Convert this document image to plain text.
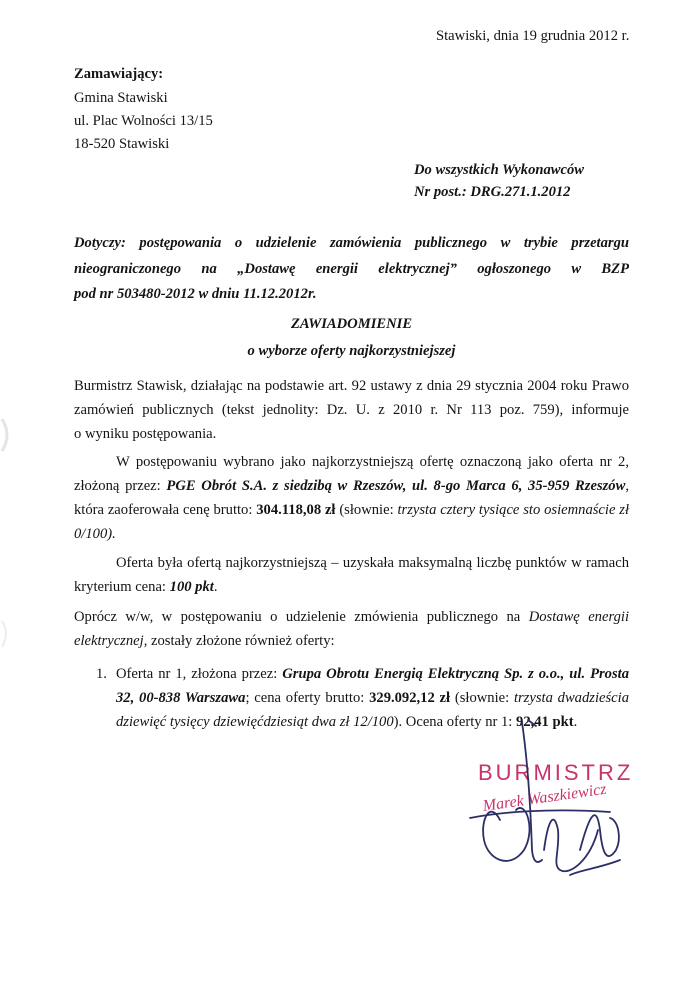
Stawiski, dnia 19 grudnia 2012 r.
Zamawiający:
Gmina Stawiski
ul. Plac Wolności 13/15
18-520 Stawiski
Do wszystkich Wykonawców
Nr post.: DRG.271.1.2012
Dotyczy: postępowania o udzielenie zamówienia publicznego w trybie przetargu
nieograniczonego na „Dostawę energii elektrycznej” ogłoszonego w BZP
pod nr 503480-2012 w dniu 11.12.2012r.
ZAWIADOMIENIE
o wyborze oferty najkorzystniejszej
Burmistrz Stawisk, działając na podstawie art. 92 ustawy z dnia 29 stycznia 2004 roku Prawo
zamówień publicznych (tekst jednolity: Dz. U. z 2010 r. Nr 113 poz. 759), informuje
o wyniku postępowania.
W postępowaniu wybrano jako najkorzystniejszą ofertę oznaczoną jako oferta nr 2,
złożoną przez: PGE Obrót S.A. z siedzibą w Rzeszów, ul. 8-go Marca 6, 35-959 Rzeszów,
która zaoferowała cenę brutto: 304.118,08 zł (słownie: trzysta cztery tysiące sto osiemnaście zł
0/100).
Oferta była ofertą najkorzystniejszą – uzyskała maksymalną liczbę punktów w ramach
kryterium cena: 100 pkt.
Oprócz w/w, w postępowaniu o udzielenie zmówienia publicznego na Dostawę energii
elektrycznej, zostały złożone również oferty:
1. Oferta nr 1, złożona przez: Grupa Obrotu Energią Elektryczną Sp. z o.o., ul. Prosta
32, 00-838 Warszawa; cena oferty brutto: 329.092,12 zł (słownie: trzysta dwadzieścia
dziewięć tysięcy dziewięćdziesiąt dwa zł 12/100). Ocena oferty nr 1: 92,41 pkt.
BURMISTRZ
Marek Waszkiewicz
